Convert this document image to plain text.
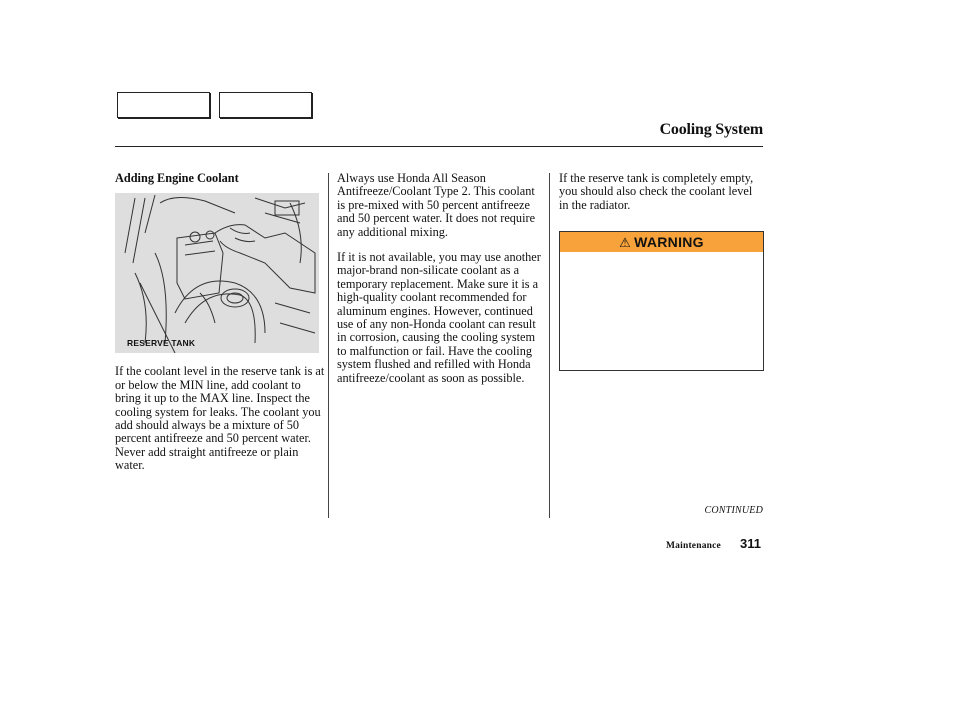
Cooling System
Adding Engine Coolant
RESERVE TANK

If the coolant level in the reserve tank is at or below the MIN line, add coolant to bring it up to the MAX line. Inspect the cooling system for leaks. The coolant you add should always be a mixture of 50 percent antifreeze and 50 percent water. Never add straight antifreeze or plain water.

Always use Honda All Season Antifreeze/Coolant Type 2. This coolant is pre-mixed with 50 percent antifreeze and 50 percent water. It does not require any additional mixing.

If it is not available, you may use another major-brand non-silicate coolant as a temporary replacement. Make sure it is a high-quality coolant recommended for aluminum engines. However, continued use of any non-Honda coolant can result in corrosion, causing the cooling system to malfunction or fail. Have the cooling system flushed and refilled with Honda antifreeze/coolant as soon as possible.

If the reserve tank is completely empty, you should also check the coolant level in the radiator.

⚠ WARNING
CONTINUED
Maintenance 311
